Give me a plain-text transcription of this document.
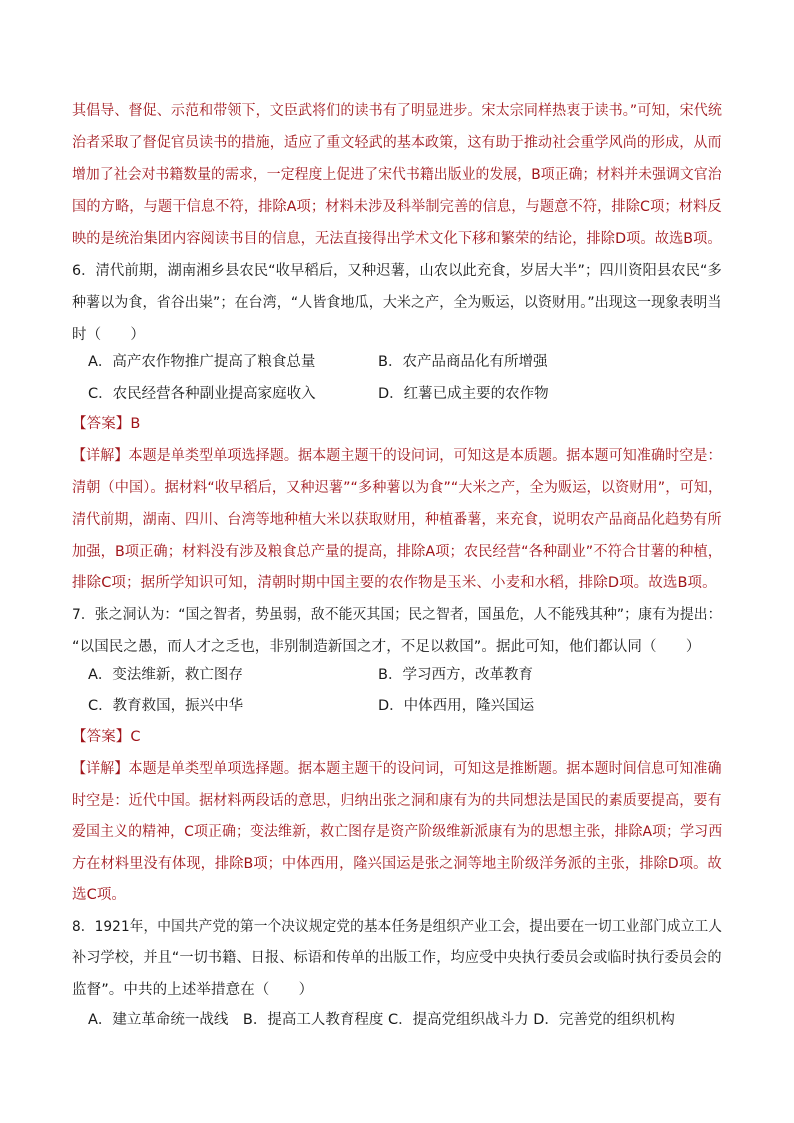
其倡导、督促、示范和带领下，文臣武将们的读书有了明显进步。宋太宗同样热衷于读书。”可知，宋代统
治者采取了督促官员读书的措施，适应了重文轻武的基本政策，这有助于推动社会重学风尚的形成，从而
增加了社会对书籍数量的需求，一定程度上促进了宋代书籍出版业的发展，B项正确；材料并未强调文官治
国的方略，与题干信息不符，排除A项；材料未涉及科举制完善的信息，与题意不符，排除C项；材料反
映的是统治集团内容阅读书目的信息，无法直接得出学术文化下移和繁荣的结论，排除D项。故选B项。
6．清代前期，湖南湘乡县农民“收早稻后，又种迟薯，山农以此充食，岁居大半”；四川资阳县农民“多
种薯以为食，省谷出粜”；在台湾，“人皆食地瓜，大米之产，全为贩运，以资财用。”出现这一现象表明当
时（　　）
A．高产农作物推广提高了粮食总量	B．农产品商品化有所增强
C．农民经营各种副业提高家庭收入	D．红薯已成主要的农作物
【答案】B
【详解】本题是单类型单项选择题。据本题主题干的设问词，可知这是本质题。据本题可知准确时空是：
清朝（中国）。据材料“收早稻后，又种迟薯”“多种薯以为食”“大米之产，全为贩运，以资财用”，可知，
清代前期，湖南、四川、台湾等地种植大米以获取财用，种植番薯，来充食，说明农产品商品化趋势有所
加强，B项正确；材料没有涉及粮食总产量的提高，排除A项；农民经营“各种副业”不符合甘薯的种植，
排除C项；据所学知识可知，清朝时期中国主要的农作物是玉米、小麦和水稻，排除D项。故选B项。
7．张之洞认为：“国之智者，势虽弱，敌不能灭其国；民之智者，国虽危，人不能残其种”；康有为提出：
“以国民之愚，而人才之乏也，非别制造新国之才，不足以救国”。据此可知，他们都认同（　　）
A．变法维新，救亡图存	B．学习西方，改革教育
C．教育救国，振兴中华	D．中体西用，隆兴国运
【答案】C
【详解】本题是单类型单项选择题。据本题主题干的设问词，可知这是推断题。据本题时间信息可知准确
时空是：近代中国。据材料两段话的意思，归纳出张之洞和康有为的共同想法是国民的素质要提高，要有
爱国主义的精神，C项正确；变法维新，救亡图存是资产阶级维新派康有为的思想主张，排除A项；学习西
方在材料里没有体现，排除B项；中体西用，隆兴国运是张之洞等地主阶级洋务派的主张，排除D项。故
选C项。
8．1921年，中国共产党的第一个决议规定党的基本任务是组织产业工会，提出要在一切工业部门成立工人
补习学校，并且“一切书籍、日报、标语和传单的出版工作，均应受中央执行委员会或临时执行委员会的
监督”。中共的上述举措意在（　　）
A．建立革命统一战线　B．提高工人教育程度 C．提高党组织战斗力 D．完善党的组织机构
